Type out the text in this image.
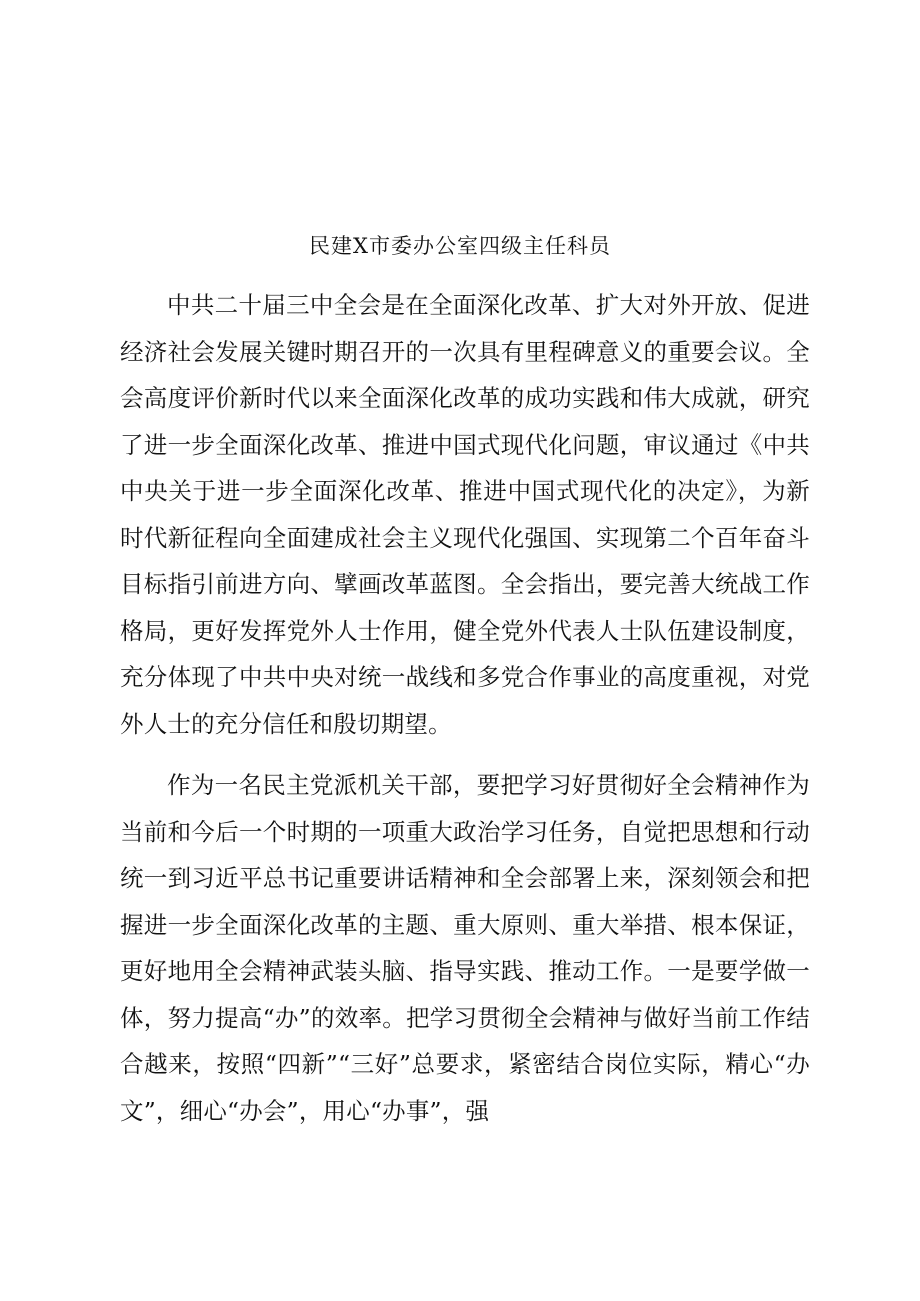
民建X市委办公室四级主任科员

中共二十届三中全会是在全面深化改革、扩大对外开放、促进经济社会发展关键时期召开的一次具有里程碑意义的重要会议。全会高度评价新时代以来全面深化改革的成功实践和伟大成就，研究了进一步全面深化改革、推进中国式现代化问题，审议通过《中共中央关于进一步全面深化改革、推进中国式现代化的决定》，为新时代新征程向全面建成社会主义现代化强国、实现第二个百年奋斗目标指引前进方向、擘画改革蓝图。全会指出，要完善大统战工作格局，更好发挥党外人士作用，健全党外代表人士队伍建设制度，充分体现了中共中央对统一战线和多党合作事业的高度重视，对党外人士的充分信任和殷切期望。

作为一名民主党派机关干部，要把学习好贯彻好全会精神作为当前和今后一个时期的一项重大政治学习任务，自觉把思想和行动统一到习近平总书记重要讲话精神和全会部署上来，深刻领会和把握进一步全面深化改革的主题、重大原则、重大举措、根本保证，更好地用全会精神武装头脑、指导实践、推动工作。一是要学做一体，努力提高“办”的效率。把学习贯彻全会精神与做好当前工作结合越来，按照“四新”“三好”总要求，紧密结合岗位实际，精心“办文”，细心“办会”，用心“办事”，强
